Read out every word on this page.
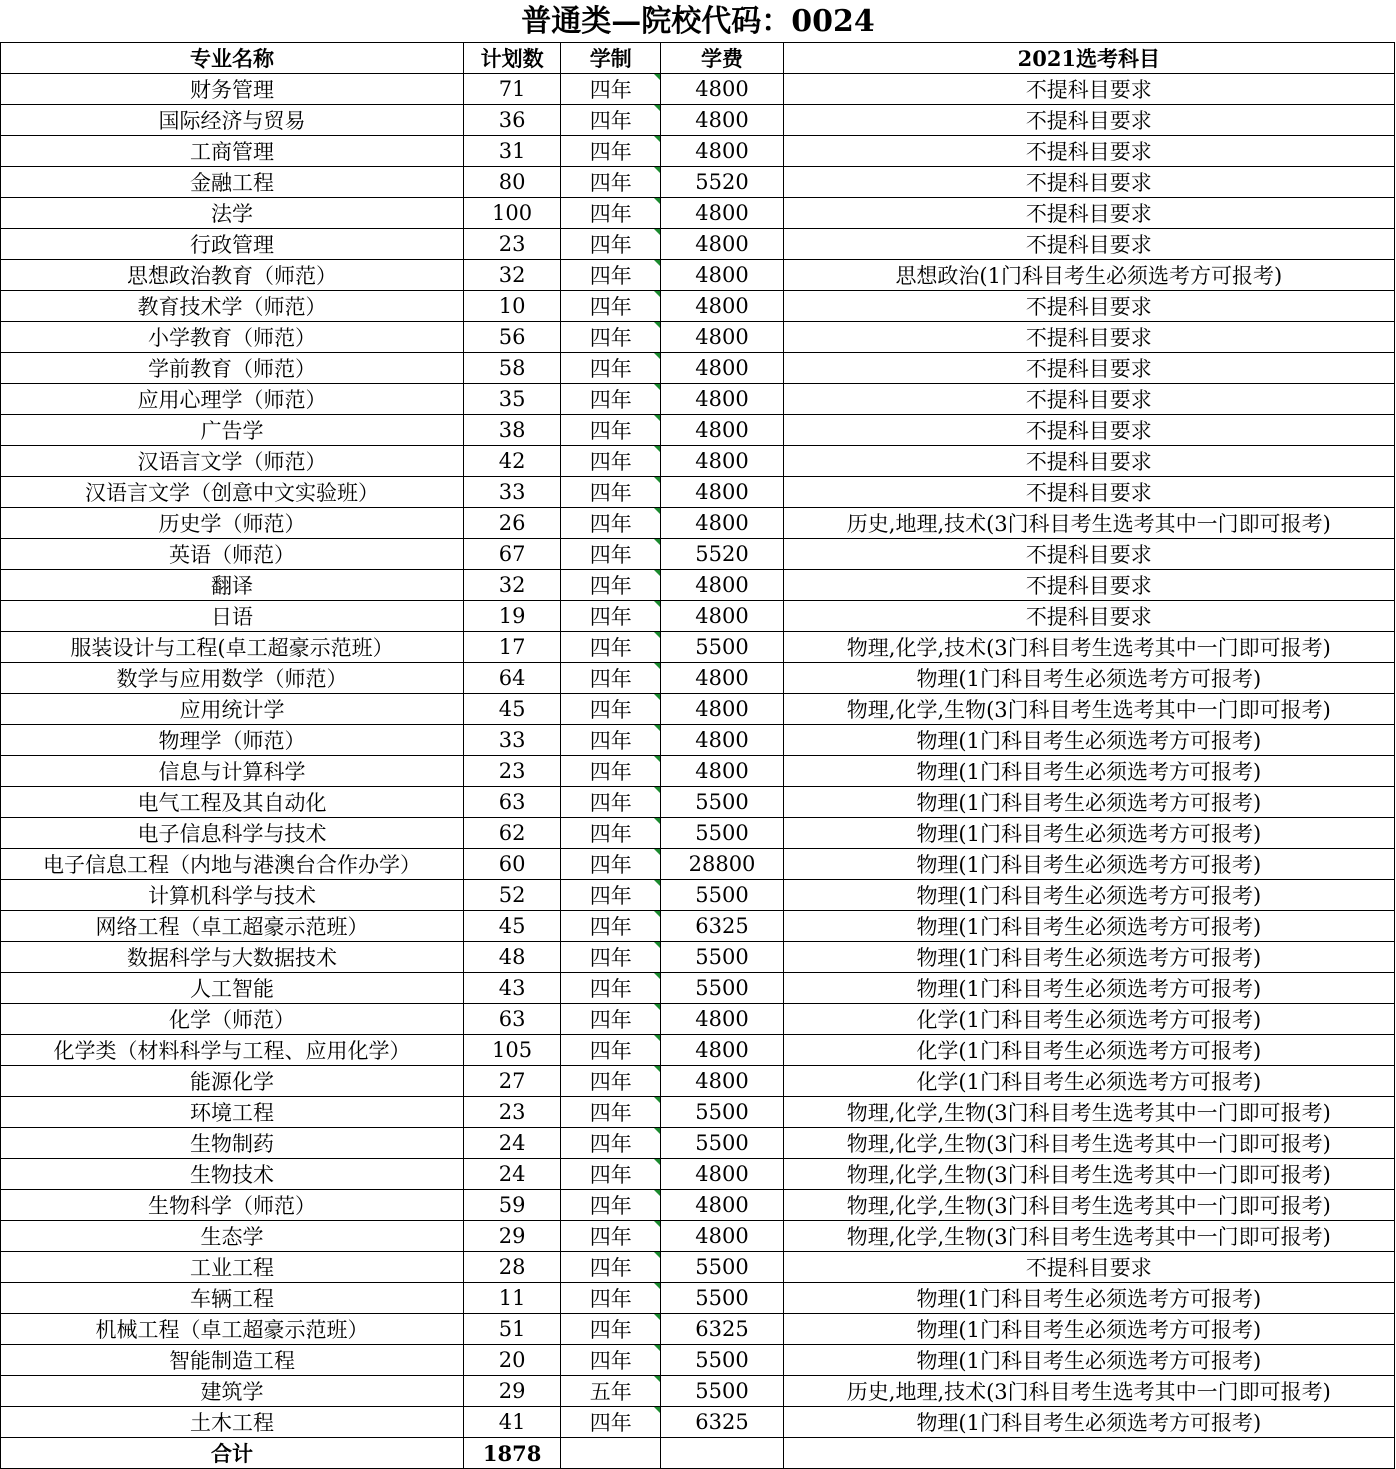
普通类—院校代码：0024
专业名称	计划数	学制	学费	2021选考科目
财务管理	71	四年	4800	不提科目要求
国际经济与贸易	36	四年	4800	不提科目要求
工商管理	31	四年	4800	不提科目要求
金融工程	80	四年	5520	不提科目要求
法学	100	四年	4800	不提科目要求
行政管理	23	四年	4800	不提科目要求
思想政治教育（师范）	32	四年	4800	思想政治(1门科目考生必须选考方可报考)
教育技术学（师范）	10	四年	4800	不提科目要求
小学教育（师范）	56	四年	4800	不提科目要求
学前教育（师范）	58	四年	4800	不提科目要求
应用心理学（师范）	35	四年	4800	不提科目要求
广告学	38	四年	4800	不提科目要求
汉语言文学（师范）	42	四年	4800	不提科目要求
汉语言文学（创意中文实验班）	33	四年	4800	不提科目要求
历史学（师范）	26	四年	4800	历史,地理,技术(3门科目考生选考其中一门即可报考)
英语（师范）	67	四年	5520	不提科目要求
翻译	32	四年	4800	不提科目要求
日语	19	四年	4800	不提科目要求
服装设计与工程(卓工超豪示范班）	17	四年	5500	物理,化学,技术(3门科目考生选考其中一门即可报考)
数学与应用数学（师范）	64	四年	4800	物理(1门科目考生必须选考方可报考)
应用统计学	45	四年	4800	物理,化学,生物(3门科目考生选考其中一门即可报考)
物理学（师范）	33	四年	4800	物理(1门科目考生必须选考方可报考)
信息与计算科学	23	四年	4800	物理(1门科目考生必须选考方可报考)
电气工程及其自动化	63	四年	5500	物理(1门科目考生必须选考方可报考)
电子信息科学与技术	62	四年	5500	物理(1门科目考生必须选考方可报考)
电子信息工程（内地与港澳台合作办学）	60	四年	28800	物理(1门科目考生必须选考方可报考)
计算机科学与技术	52	四年	5500	物理(1门科目考生必须选考方可报考)
网络工程（卓工超豪示范班）	45	四年	6325	物理(1门科目考生必须选考方可报考)
数据科学与大数据技术	48	四年	5500	物理(1门科目考生必须选考方可报考)
人工智能	43	四年	5500	物理(1门科目考生必须选考方可报考)
化学（师范）	63	四年	4800	化学(1门科目考生必须选考方可报考)
化学类（材料科学与工程、应用化学）	105	四年	4800	化学(1门科目考生必须选考方可报考)
能源化学	27	四年	4800	化学(1门科目考生必须选考方可报考)
环境工程	23	四年	5500	物理,化学,生物(3门科目考生选考其中一门即可报考)
生物制药	24	四年	5500	物理,化学,生物(3门科目考生选考其中一门即可报考)
生物技术	24	四年	4800	物理,化学,生物(3门科目考生选考其中一门即可报考)
生物科学（师范）	59	四年	4800	物理,化学,生物(3门科目考生选考其中一门即可报考)
生态学	29	四年	4800	物理,化学,生物(3门科目考生选考其中一门即可报考)
工业工程	28	四年	5500	不提科目要求
车辆工程	11	四年	5500	物理(1门科目考生必须选考方可报考)
机械工程（卓工超豪示范班）	51	四年	6325	物理(1门科目考生必须选考方可报考)
智能制造工程	20	四年	5500	物理(1门科目考生必须选考方可报考)
建筑学	29	五年	5500	历史,地理,技术(3门科目考生选考其中一门即可报考)
土木工程	41	四年	6325	物理(1门科目考生必须选考方可报考)
合计	1878			
